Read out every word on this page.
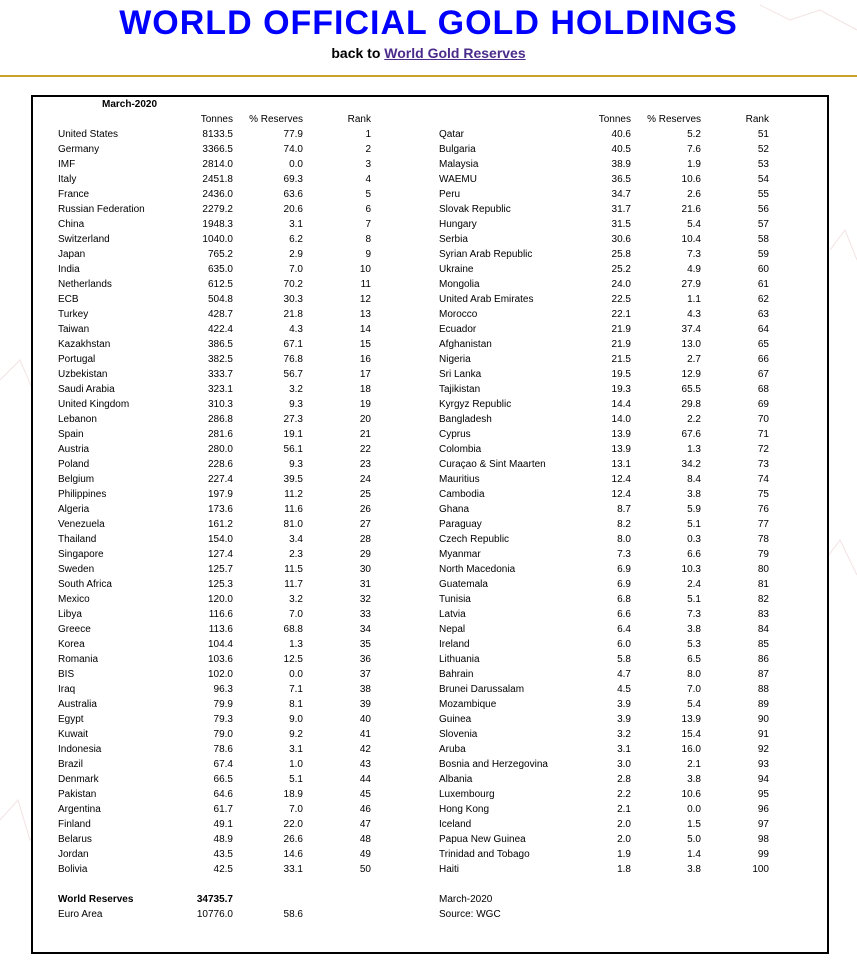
WORLD OFFICIAL GOLD HOLDINGS
back to World Gold Reserves
March-2020
Tonnes	% Reserves	Rank	Tonnes	% Reserves	Rank
United States	8133.5	77.9	1
Germany	3366.5	74.0	2
IMF	2814.0	0.0	3
Italy	2451.8	69.3	4
France	2436.0	63.6	5
Russian Federation	2279.2	20.6	6
China	1948.3	3.1	7
Switzerland	1040.0	6.2	8
Japan	765.2	2.9	9
India	635.0	7.0	10
Netherlands	612.5	70.2	11
ECB	504.8	30.3	12
Turkey	428.7	21.8	13
Taiwan	422.4	4.3	14
Kazakhstan	386.5	67.1	15
Portugal	382.5	76.8	16
Uzbekistan	333.7	56.7	17
Saudi Arabia	323.1	3.2	18
United Kingdom	310.3	9.3	19
Lebanon	286.8	27.3	20
Spain	281.6	19.1	21
Austria	280.0	56.1	22
Poland	228.6	9.3	23
Belgium	227.4	39.5	24
Philippines	197.9	11.2	25
Algeria	173.6	11.6	26
Venezuela	161.2	81.0	27
Thailand	154.0	3.4	28
Singapore	127.4	2.3	29
Sweden	125.7	11.5	30
South Africa	125.3	11.7	31
Mexico	120.0	3.2	32
Libya	116.6	7.0	33
Greece	113.6	68.8	34
Korea	104.4	1.3	35
Romania	103.6	12.5	36
BIS	102.0	0.0	37
Iraq	96.3	7.1	38
Australia	79.9	8.1	39
Egypt	79.3	9.0	40
Kuwait	79.0	9.2	41
Indonesia	78.6	3.1	42
Brazil	67.4	1.0	43
Denmark	66.5	5.1	44
Pakistan	64.6	18.9	45
Argentina	61.7	7.0	46
Finland	49.1	22.0	47
Belarus	48.9	26.6	48
Jordan	43.5	14.6	49
Bolivia	42.5	33.1	50
Qatar	40.6	5.2	51
Bulgaria	40.5	7.6	52
Malaysia	38.9	1.9	53
WAEMU	36.5	10.6	54
Peru	34.7	2.6	55
Slovak Republic	31.7	21.6	56
Hungary	31.5	5.4	57
Serbia	30.6	10.4	58
Syrian Arab Republic	25.8	7.3	59
Ukraine	25.2	4.9	60
Mongolia	24.0	27.9	61
United Arab Emirates	22.5	1.1	62
Morocco	22.1	4.3	63
Ecuador	21.9	37.4	64
Afghanistan	21.9	13.0	65
Nigeria	21.5	2.7	66
Sri Lanka	19.5	12.9	67
Tajikistan	19.3	65.5	68
Kyrgyz Republic	14.4	29.8	69
Bangladesh	14.0	2.2	70
Cyprus	13.9	67.6	71
Colombia	13.9	1.3	72
Curaçao & Sint Maarten	13.1	34.2	73
Mauritius	12.4	8.4	74
Cambodia	12.4	3.8	75
Ghana	8.7	5.9	76
Paraguay	8.2	5.1	77
Czech Republic	8.0	0.3	78
Myanmar	7.3	6.6	79
North Macedonia	6.9	10.3	80
Guatemala	6.9	2.4	81
Tunisia	6.8	5.1	82
Latvia	6.6	7.3	83
Nepal	6.4	3.8	84
Ireland	6.0	5.3	85
Lithuania	5.8	6.5	86
Bahrain	4.7	8.0	87
Brunei Darussalam	4.5	7.0	88
Mozambique	3.9	5.4	89
Guinea	3.9	13.9	90
Slovenia	3.2	15.4	91
Aruba	3.1	16.0	92
Bosnia and Herzegovina	3.0	2.1	93
Albania	2.8	3.8	94
Luxembourg	2.2	10.6	95
Hong Kong	2.1	0.0	96
Iceland	2.0	1.5	97
Papua New Guinea	2.0	5.0	98
Trinidad and Tobago	1.9	1.4	99
Haiti	1.8	3.8	100
World Reserves	34735.7
Euro Area	10776.0	58.6
March-2020
Source: WGC
